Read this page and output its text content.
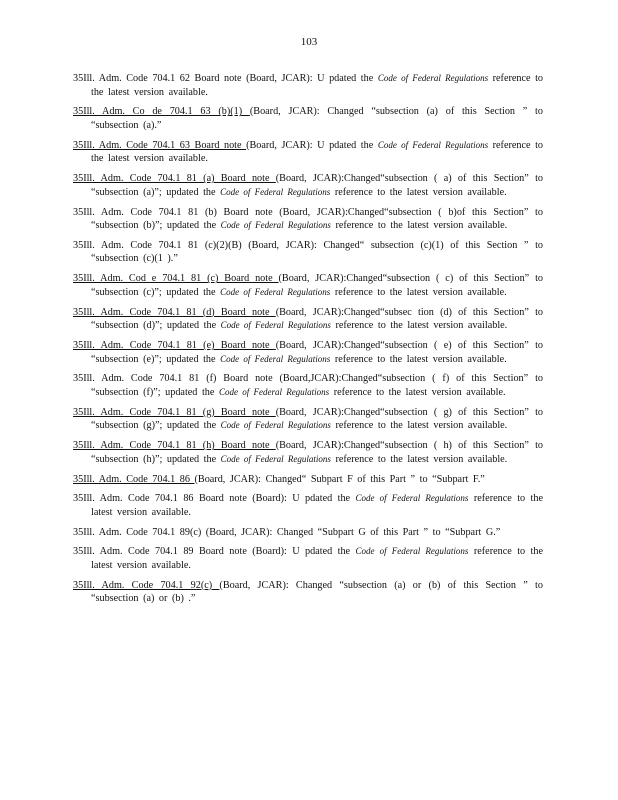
103

35Ill. Adm. Code 704.1 62 Board note (Board, JCAR): U pdated the Code of Federal Regulations reference to the latest version available.

35Ill. Adm. Co de 704.1 63 (b)(1) (Board, JCAR): Changed “subsection (a) of this Section ” to “subsection (a).”

35Ill. Adm. Code 704.1 63 Board note (Board, JCAR): U pdated the Code of Federal Regulations reference to the latest version available.

35Ill. Adm. Code 704.1 81 (a) Board note (Board, JCAR):Changed“subsection ( a) of this Section” to “subsection (a)”; updated the Code of Federal Regulations reference to the latest version available.

35Ill. Adm. Code 704.1 81 (b) Board note (Board, JCAR):Changed“subsection ( b)of this Section” to “subsection (b)”; updated the Code of Federal Regulations reference to the latest version available.

35Ill. Adm. Code 704.1 81 (c)(2)(B) (Board, JCAR): Changed“ subsection (c)(1) of this Section ” to “subsection (c)(1 ).”

35Ill. Adm. Cod e 704.1 81 (c) Board note (Board, JCAR):Changed“subsection ( c) of this Section” to “subsection (c)”; updated the Code of Federal Regulations reference to the latest version available.

35Ill. Adm. Code 704.1 81 (d) Board note (Board, JCAR):Changed“subsec tion (d) of this Section” to “subsection (d)”; updated the Code of Federal Regulations reference to the latest version available.

35Ill. Adm. Code 704.1 81 (e) Board note (Board, JCAR):Changed“subsection ( e) of this Section” to “subsection (e)”; updated the Code of Federal Regulations reference to the latest version available.

35Ill. Adm. Code 704.1 81 (f) Board note (Board,JCAR):Changed“subsection ( f) of this Section” to “subsection (f)”; updated the Code of Federal Regulations reference to the latest version available.

35Ill. Adm. Code 704.1 81 (g) Board note (Board, JCAR):Changed“subsection ( g) of this Section” to “subsection (g)”; updated the Code of Federal Regulations reference to the latest version available.

35Ill. Adm. Code 704.1 81 (h) Board note (Board, JCAR):Changed“subsection ( h) of this Section” to “subsection (h)”; updated the Code of Federal Regulations reference to the latest version available.

35Ill. Adm. Code 704.1 86 (Board, JCAR): Changed“ Subpart F of this Part ” to “Subpart F.”

35Ill. Adm. Code 704.1 86 Board note (Board): U pdated the Code of Federal Regulations reference to the latest version available.

35Ill. Adm. Code 704.1 89(c) (Board, JCAR): Changed “Subpart G of this Part ” to “Subpart G.”

35Ill. Adm. Code 704.1 89 Board note (Board): U pdated the Code of Federal Regulations reference to the latest version available.

35Ill. Adm. Code 704.1 92(c) (Board, JCAR): Changed “subsection (a) or (b) of this Section ” to “subsection (a) or (b) .”
